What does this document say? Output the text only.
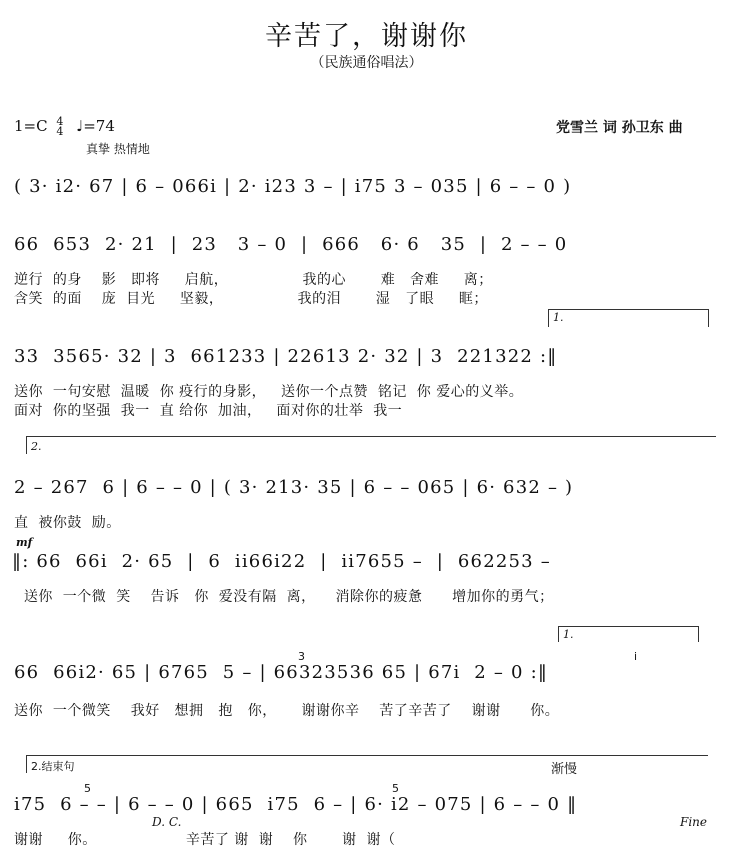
辛苦了，谢谢你
（民族通俗唱法）
1=C 4
4 ♩=74	党雪兰 词 孙卫东 曲
真挚 热情地
( 3· i2· 67 | 6 – 066i | 2· i23 3 – | i75 3 – 035 | 6 – – 0 )
66  653  2· 21  |  23   3 – 0  |  666   6· 6   35  |  2 – – 0
逆行  的身    影   即将     启航，               我的心       难   舍难     离；
含笑  的面    庞  目光     坚毅，               我的泪       湿   了眼     眶；
1.
33  3565· 32 | 3  661233 | 22613 2· 32 | 3  221322 :‖
送你  一句安慰  温暖  你 疫行的身影，   送你一个点赞  铭记  你 爱心的义举。
面对  你的坚强  我一  直 给你  加油，   面对你的壮举  我一
2.
2 – 267  6 | 6 – – 0 | ( 3· 213· 35 | 6 – – 065 | 6· 632 – )
直  被你鼓  励。
mf
‖: 66  66i  2· 65  |  6  ii66i22  |  ii7655 –  |  662253 –
送你  一个微  笑    告诉   你  爱没有隔  离，    消除你的疲惫      增加你的勇气；
1.
3	i
66  66i2· 65 | 6765  5 – | 66323536 65 | 67i  2 – 0 :‖
送你  一个微笑    我好   想拥   抱   你，     谢谢你辛    苦了辛苦了    谢谢      你。
2.结束句	渐慢
5	5
i75  6 – – | 6 – – 0 | 665  i75  6 – | 6· i2 – 075 | 6 – – 0 ‖
D. C.	Fine
谢谢     你。                  辛苦了 谢  谢    你       谢  谢（
